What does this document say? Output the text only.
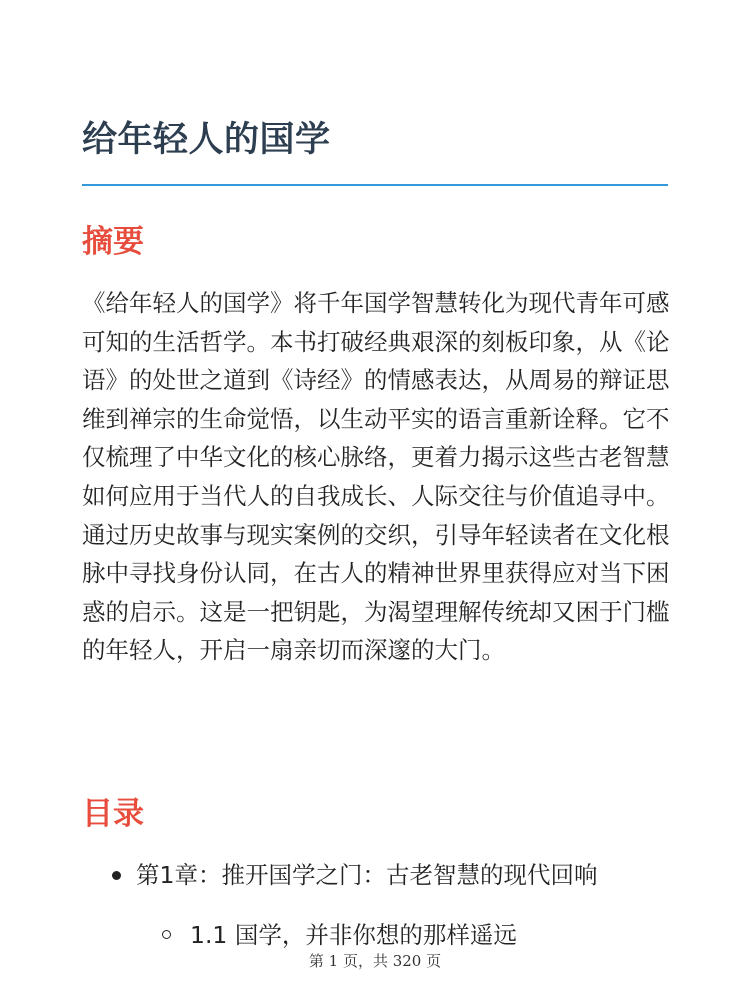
给年轻人的国学
摘要

《给年轻人的国学》将千年国学智慧转化为现代青年可感可知的生活哲学。本书打破经典艰深的刻板印象，从《论语》的处世之道到《诗经》的情感表达，从周易的辩证思维到禅宗的生命觉悟，以生动平实的语言重新诠释。它不仅梳理了中华文化的核心脉络，更着力揭示这些古老智慧如何应用于当代人的自我成长、人际交往与价值追寻中。通过历史故事与现实案例的交织，引导年轻读者在文化根脉中寻找身份认同，在古人的精神世界里获得应对当下困惑的启示。这是一把钥匙，为渴望理解传统却又困于门槛的年轻人，开启一扇亲切而深邃的大门。

目录
第1章：推开国学之门：古老智慧的现代回响
1.1 国学，并非你想的那样遥远
第 1 页，共 320 页
